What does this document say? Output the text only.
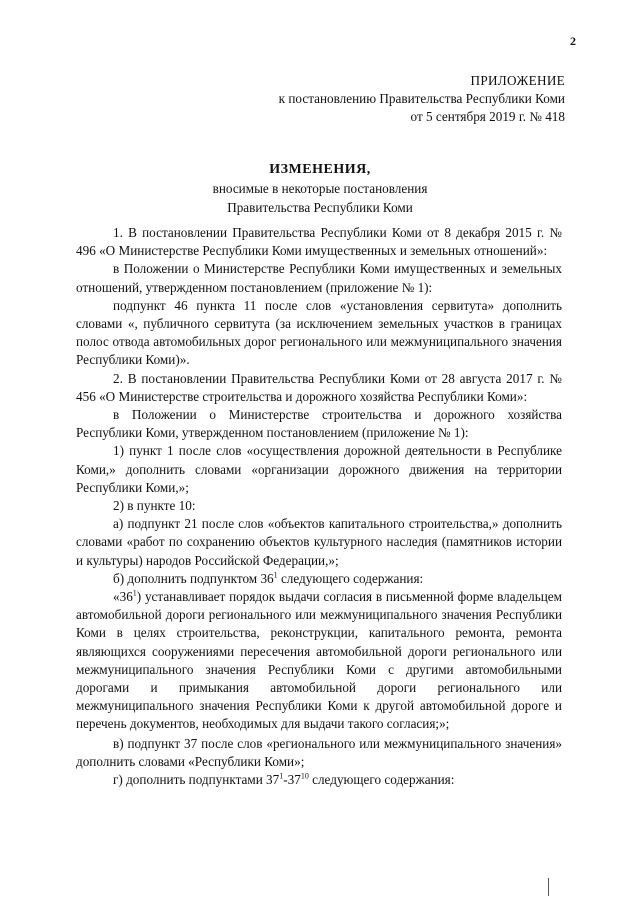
2
ПРИЛОЖЕНИЕ
к постановлению Правительства Республики Коми
от 5 сентября 2019 г. № 418
ИЗМЕНЕНИЯ,
вносимые в некоторые постановления
Правительства Республики Коми

1. В постановлении Правительства Республики Коми от 8 декабря 2015 г. № 496 «О Министерстве Республики Коми имущественных и земельных отношений»:

в Положении о Министерстве Республики Коми имущественных и земельных отношений, утвержденном постановлением (приложение № 1):

подпункт 46 пункта 11 после слов «установления сервитута» дополнить словами «, публичного сервитута (за исключением земельных участков в границах полос отвода автомобильных дорог регионального или межмуниципального значения Республики Коми)».

2. В постановлении Правительства Республики Коми от 28 августа 2017 г. № 456 «О Министерстве строительства и дорожного хозяйства Республики Коми»:

в Положении о Министерстве строительства и дорожного хозяйства Республики Коми, утвержденном постановлением (приложение № 1):

1) пункт 1 после слов «осуществления дорожной деятельности в Республике Коми,» дополнить словами «организации дорожного движения на территории Республики Коми,»;

2) в пункте 10:

а) подпункт 21 после слов «объектов капитального строительства,» дополнить словами «работ по сохранению объектов культурного наследия (памятников истории и культуры) народов Российской Федерации,»;

б) дополнить подпунктом $36^1$ следующего содержания:

«$36^1$) устанавливает порядок выдачи согласия в письменной форме владельцем автомобильной дороги регионального или межмуниципального значения Республики Коми в целях строительства, реконструкции, капитального ремонта, ремонта являющихся сооружениями пересечения автомобильной дороги регионального или межмуниципального значения Республики Коми с другими автомобильными дорогами и примыкания автомобильной дороги регионального или межмуниципального значения Республики Коми к другой автомобильной дороге и перечень документов, необходимых для выдачи такого согласия;»;

в) подпункт 37 после слов «регионального или межмуниципального значения» дополнить словами «Республики Коми»;

г) дополнить подпунктами $37^1-37^{10}$ следующего содержания:
